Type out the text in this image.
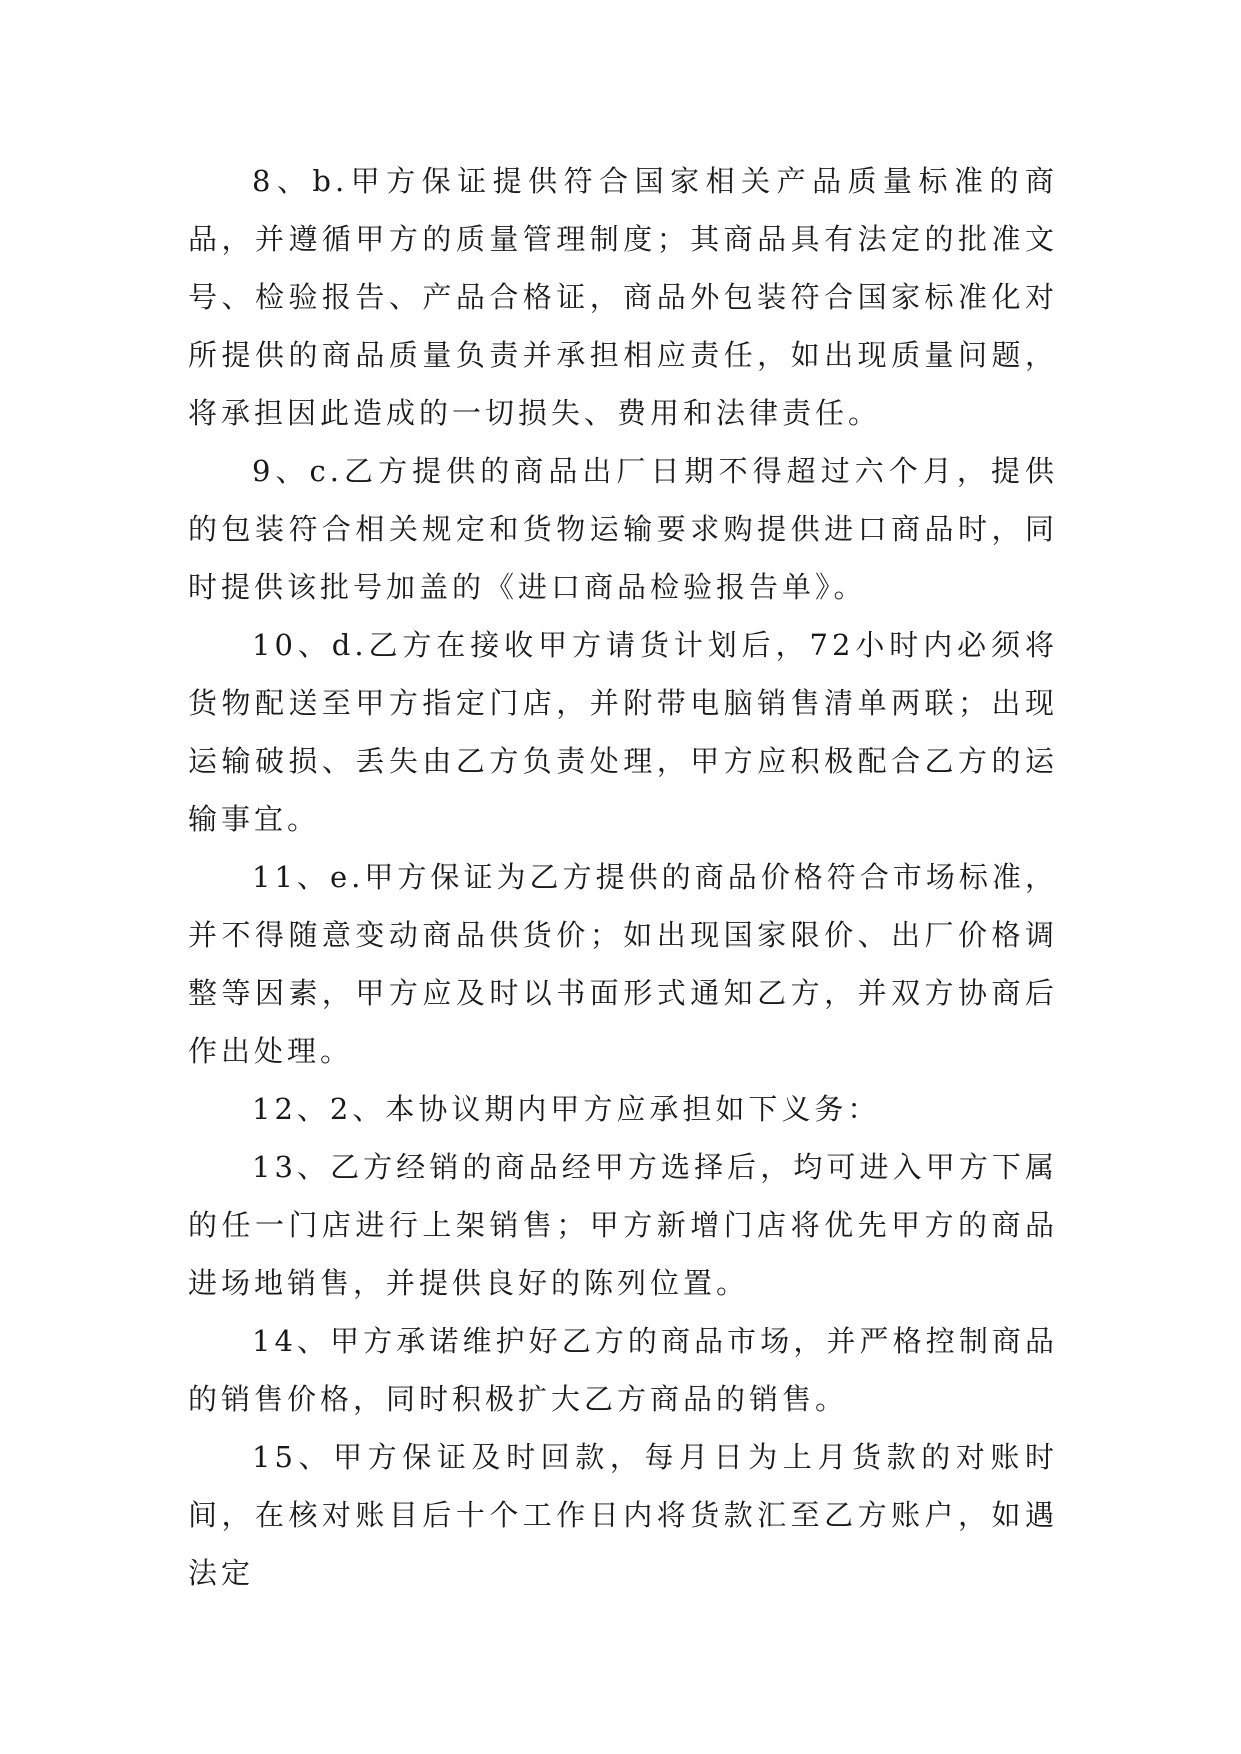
8、b.甲方保证提供符合国家相关产品质量标准的商品，并遵循甲方的质量管理制度；其商品具有法定的批准文号、检验报告、产品合格证，商品外包装符合国家标准化对所提供的商品质量负责并承担相应责任，如出现质量问题，将承担因此造成的一切损失、费用和法律责任。

9、c.乙方提供的商品出厂日期不得超过六个月，提供的包装符合相关规定和货物运输要求购提供进口商品时，同时提供该批号加盖的《进口商品检验报告单》。

10、d.乙方在接收甲方请货计划后，72小时内必须将货物配送至甲方指定门店，并附带电脑销售清单两联；出现运输破损、丢失由乙方负责处理，甲方应积极配合乙方的运输事宜。

11、e.甲方保证为乙方提供的商品价格符合市场标准，并不得随意变动商品供货价；如出现国家限价、出厂价格调整等因素，甲方应及时以书面形式通知乙方，并双方协商后作出处理。

12、2、本协议期内甲方应承担如下义务：

13、乙方经销的商品经甲方选择后，均可进入甲方下属的任一门店进行上架销售；甲方新增门店将优先甲方的商品进场地销售，并提供良好的陈列位置。

14、甲方承诺维护好乙方的商品市场，并严格控制商品的销售价格，同时积极扩大乙方商品的销售。

15、甲方保证及时回款，每月日为上月货款的对账时间，在核对账目后十个工作日内将货款汇至乙方账户，如遇法定
